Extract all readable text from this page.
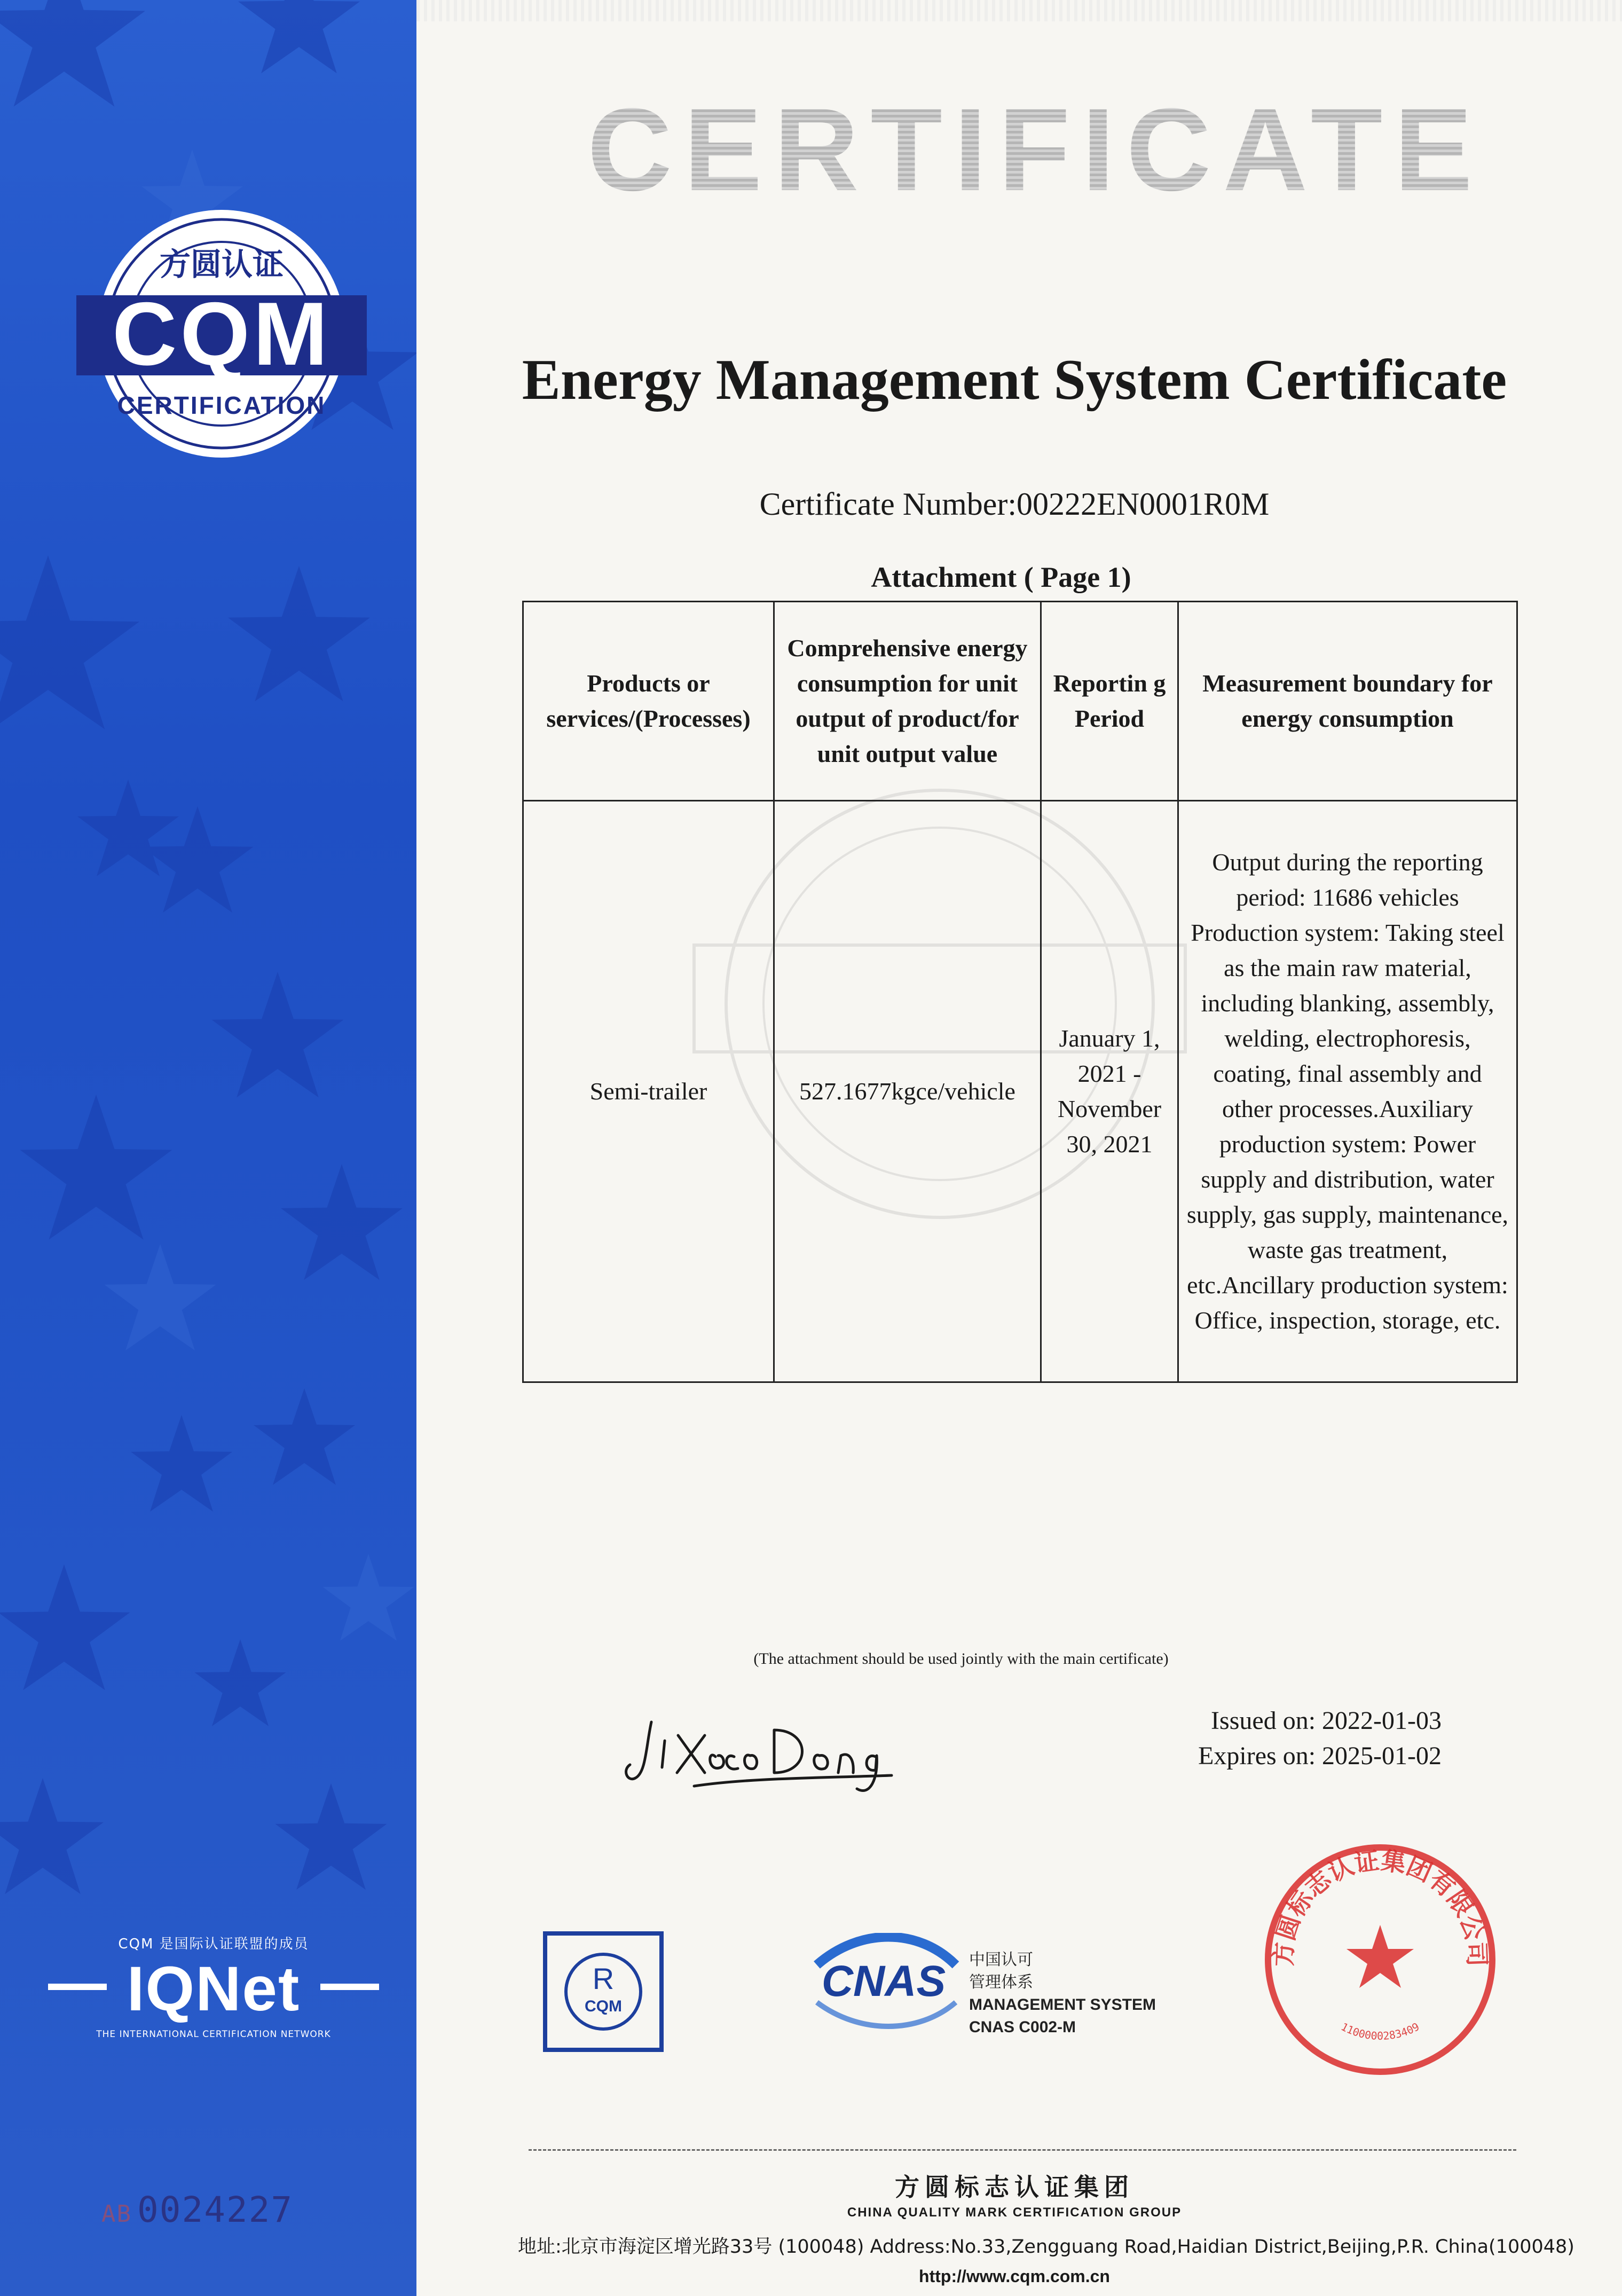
方圆认证
CQM
CERTIFICATION
CQM 是国际认证联盟的成员
IQNet
THE INTERNATIONAL CERTIFICATION NETWORK
AB 0024227
CERTIFICATE
Energy Management System Certificate
Certificate Number:00222EN0001R0M
Attachment ( Page 1)
Products or services/(Processes)	Comprehensive energy consumption for unit output of product/for unit output value	Reportin g Period	Measurement boundary for energy consumption
Semi-trailer	527.1677kgce/vehicle	January 1, 2021 - November 30, 2021	Output during the reporting period: 11686 vehicles Production system: Taking steel as the main raw material, including blanking, assembly, welding, electrophoresis, coating, final assembly and other processes.Auxiliary production system: Power supply and distribution, water supply, gas supply, maintenance, waste gas treatment, etc.Ancillary production system: Office, inspection, storage, etc.
(The attachment should be used jointly with the main certificate)
Issued on: 2022-01-03
Expires on: 2025-01-02
R
CQM
CNAS 中国认可
管理体系
MANAGEMENT SYSTEM
CNAS C002-M
方圆标志认证集团有限公司
1100000283409
方圆标志认证集团
CHINA QUALITY MARK CERTIFICATION GROUP
地址:北京市海淀区增光路33号 (100048) Address:No.33,Zengguang Road,Haidian District,Beijing,P.R. China(100048)
http://www.cqm.com.cn
